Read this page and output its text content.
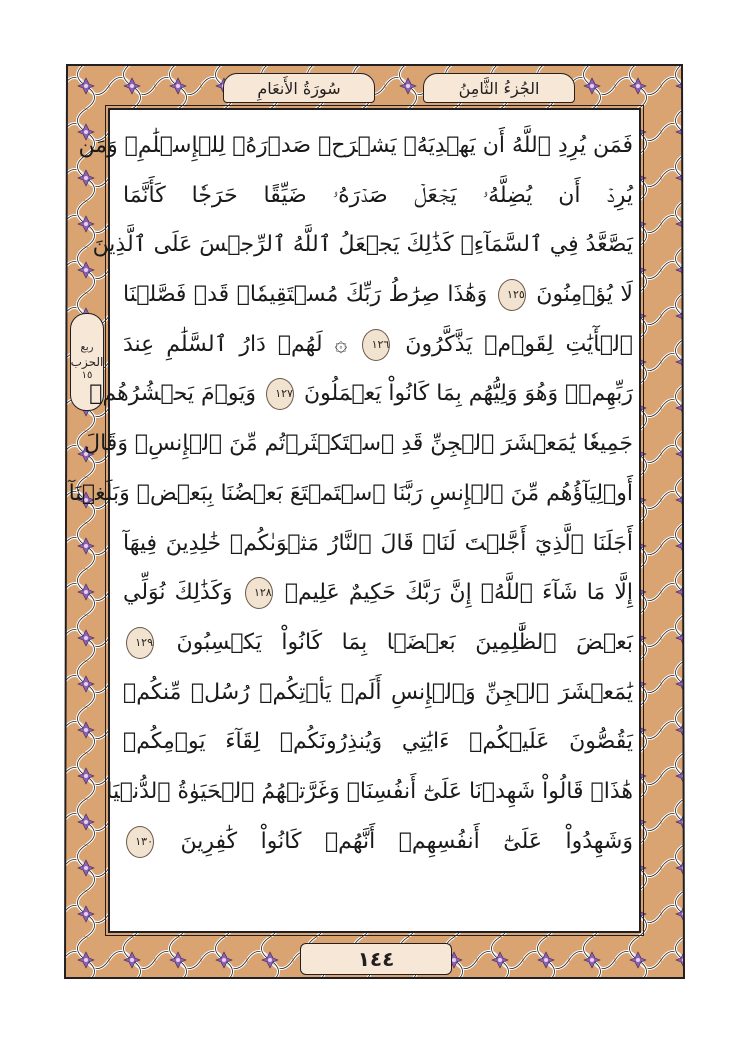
سُورَةُ الأَنعَامِ	الجُزءُ الثَّامِنُ
ربع
الحزب
١٥
فَمَن يُرِدِ ٱللَّهُ أَن يَهۡدِيَهُۥ يَشۡرَحۡ صَدۡرَهُۥ لِلۡإِسۡلَٰمِۖ وَمَن
يُرِدۡ أَن يُضِلَّهُۥ يَجۡعَلۡ صَدۡرَهُۥ ضَيِّقًا حَرَجٗا كَأَنَّمَا
يَصَّعَّدُ فِي ٱلسَّمَآءِۚ كَذَٰلِكَ يَجۡعَلُ ٱللَّهُ ٱلرِّجۡسَ عَلَى ٱلَّذِينَ
لَا يُؤۡمِنُونَ ١٢٥ وَهَٰذَا صِرَٰطُ رَبِّكَ مُسۡتَقِيمٗاۗ قَدۡ فَصَّلۡنَا
ٱلۡأٓيَٰتِ لِقَوۡمٖ يَذَّكَّرُونَ ١٢٦ ۞ لَهُمۡ دَارُ ٱلسَّلَٰمِ عِندَ
رَبِّهِمۡۖ وَهُوَ وَلِيُّهُم بِمَا كَانُواْ يَعۡمَلُونَ ١٢٧ وَيَوۡمَ يَحۡشُرُهُمۡ
جَمِيعٗا يَٰمَعۡشَرَ ٱلۡجِنِّ قَدِ ٱسۡتَكۡثَرۡتُم مِّنَ ٱلۡإِنسِۖ وَقَالَ
أَوۡلِيَآؤُهُم مِّنَ ٱلۡإِنسِ رَبَّنَا ٱسۡتَمۡتَعَ بَعۡضُنَا بِبَعۡضٖ وَبَلَغۡنَآ
أَجَلَنَا ٱلَّذِيٓ أَجَّلۡتَ لَنَاۚ قَالَ ٱلنَّارُ مَثۡوَىٰكُمۡ خَٰلِدِينَ فِيهَآ
إِلَّا مَا شَآءَ ٱللَّهُۗ إِنَّ رَبَّكَ حَكِيمٌ عَلِيمٞ ١٢٨ وَكَذَٰلِكَ نُوَلِّي
بَعۡضَ ٱلظَّٰلِمِينَ بَعۡضَۢا بِمَا كَانُواْ يَكۡسِبُونَ ١٢٩
يَٰمَعۡشَرَ ٱلۡجِنِّ وَٱلۡإِنسِ أَلَمۡ يَأۡتِكُمۡ رُسُلٞ مِّنكُمۡ
يَقُصُّونَ عَلَيۡكُمۡ ءَايَٰتِي وَيُنذِرُونَكُمۡ لِقَآءَ يَوۡمِكُمۡ
هَٰذَاۚ قَالُواْ شَهِدۡنَا عَلَىٰٓ أَنفُسِنَاۖ وَغَرَّتۡهُمُ ٱلۡحَيَوٰةُ ٱلدُّنۡيَا
وَشَهِدُواْ عَلَىٰٓ أَنفُسِهِمۡ أَنَّهُمۡ كَانُواْ كَٰفِرِينَ ١٣٠
١٤٤
